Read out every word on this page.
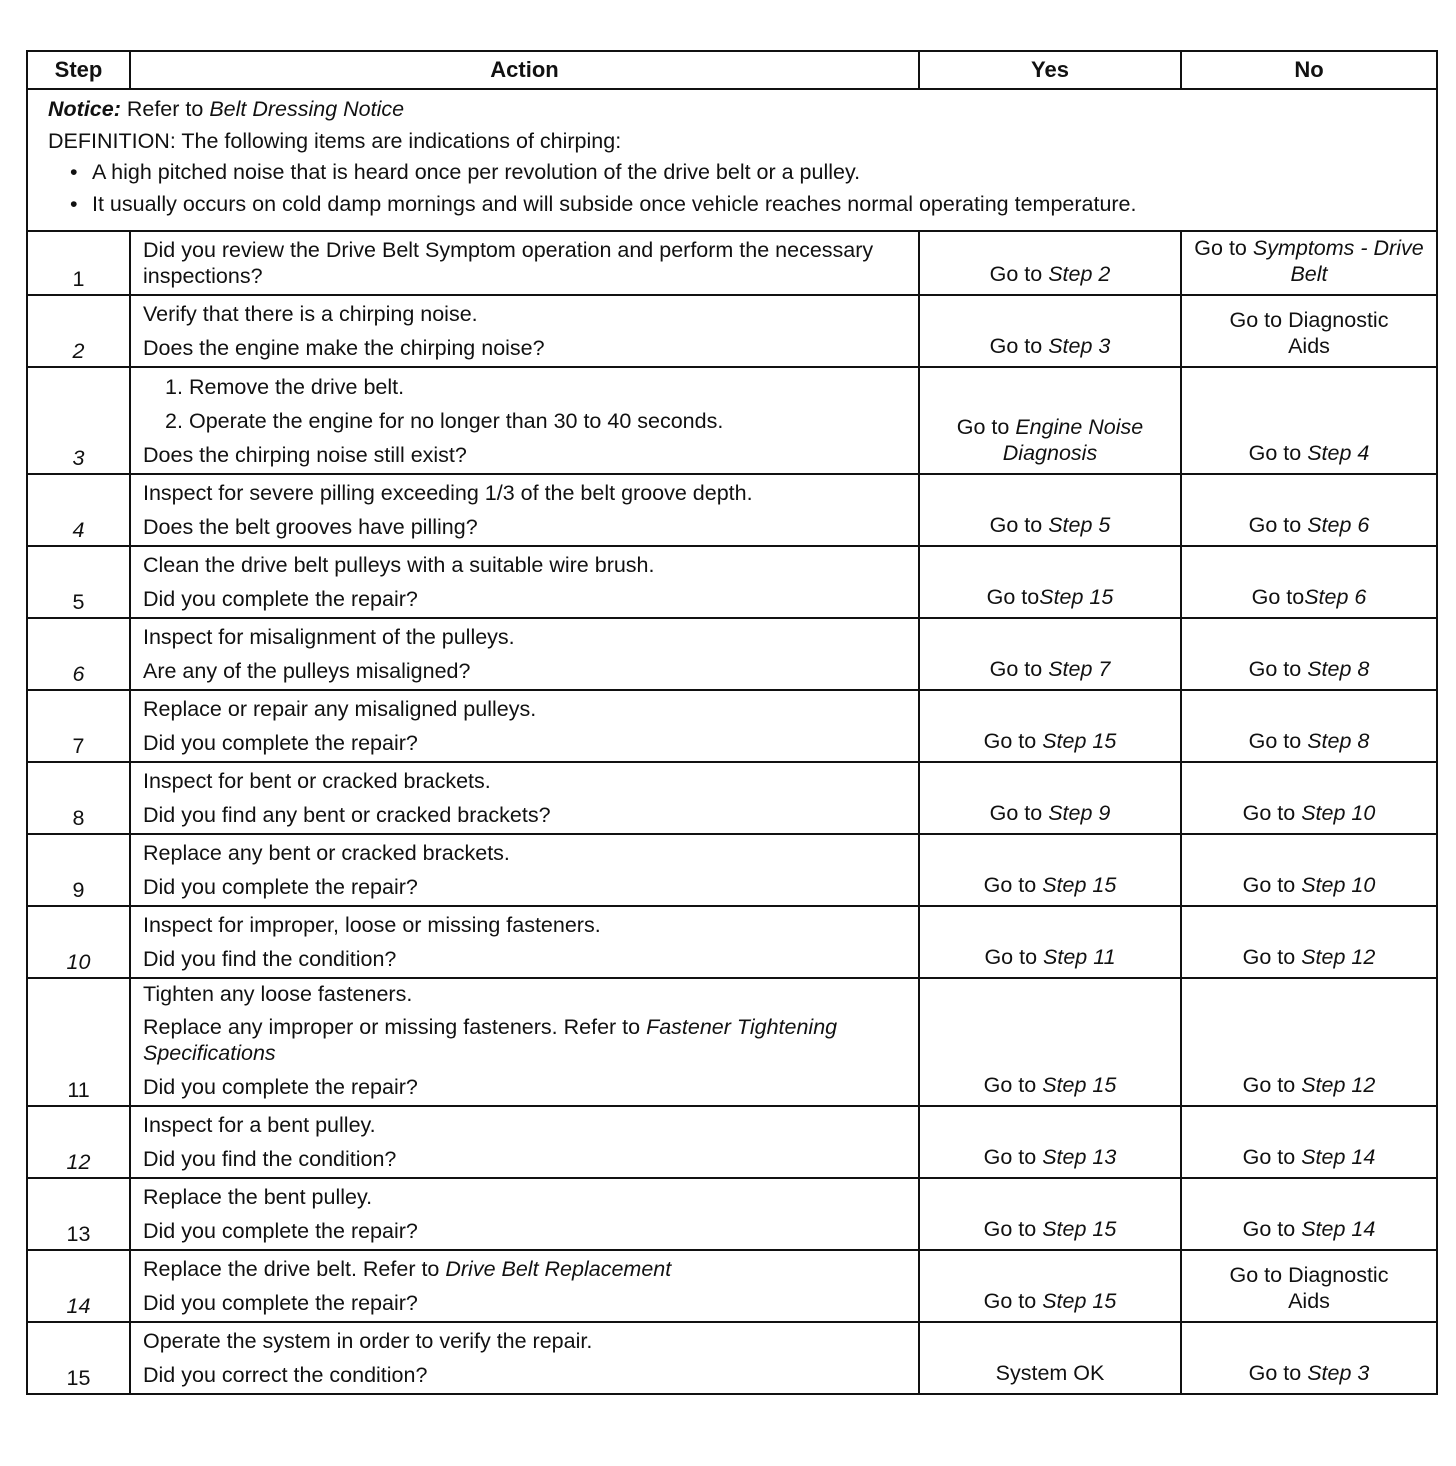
Step	Action	Yes	No

Notice: Refer to Belt Dressing Notice
DEFINITION: The following items are indications of chirping:
• A high pitched noise that is heard once per revolution of the drive belt or a pulley.
• It usually occurs on cold damp mornings and will subside once vehicle reaches normal operating temperature.			

1	Did you review the Drive Belt Symptom operation and perform the necessary inspections?	Go to Step 2	Go to Symptoms - Drive Belt
2	Verify that there is a chirping noise.
Does the engine make the chirping noise?	Go to Step 3	Go to Diagnostic Aids
3	1. Remove the drive belt.
2. Operate the engine for no longer than 30 to 40 seconds.
Does the chirping noise still exist?	Go to Engine Noise Diagnosis	Go to Step 4
4	Inspect for severe pilling exceeding 1/3 of the belt groove depth.
Does the belt grooves have pilling?	Go to Step 5	Go to Step 6
5	Clean the drive belt pulleys with a suitable wire brush.
Did you complete the repair?	Go toStep 15	Go toStep 6
6	Inspect for misalignment of the pulleys.
Are any of the pulleys misaligned?	Go to Step 7	Go to Step 8
7	Replace or repair any misaligned pulleys.
Did you complete the repair?	Go to Step 15	Go to Step 8
8	Inspect for bent or cracked brackets.
Did you find any bent or cracked brackets?	Go to Step 9	Go to Step 10
9	Replace any bent or cracked brackets.
Did you complete the repair?	Go to Step 15	Go to Step 10
10	Inspect for improper, loose or missing fasteners.
Did you find the condition?	Go to Step 11	Go to Step 12
11	Tighten any loose fasteners.
Replace any improper or missing fasteners. Refer to Fastener Tightening Specifications
Did you complete the repair?	Go to Step 15	Go to Step 12
12	Inspect for a bent pulley.
Did you find the condition?	Go to Step 13	Go to Step 14
13	Replace the bent pulley.
Did you complete the repair?	Go to Step 15	Go to Step 14
14	Replace the drive belt. Refer to Drive Belt Replacement
Did you complete the repair?	Go to Step 15	Go to Diagnostic Aids
15	Operate the system in order to verify the repair.
Did you correct the condition?	System OK	Go to Step 3
